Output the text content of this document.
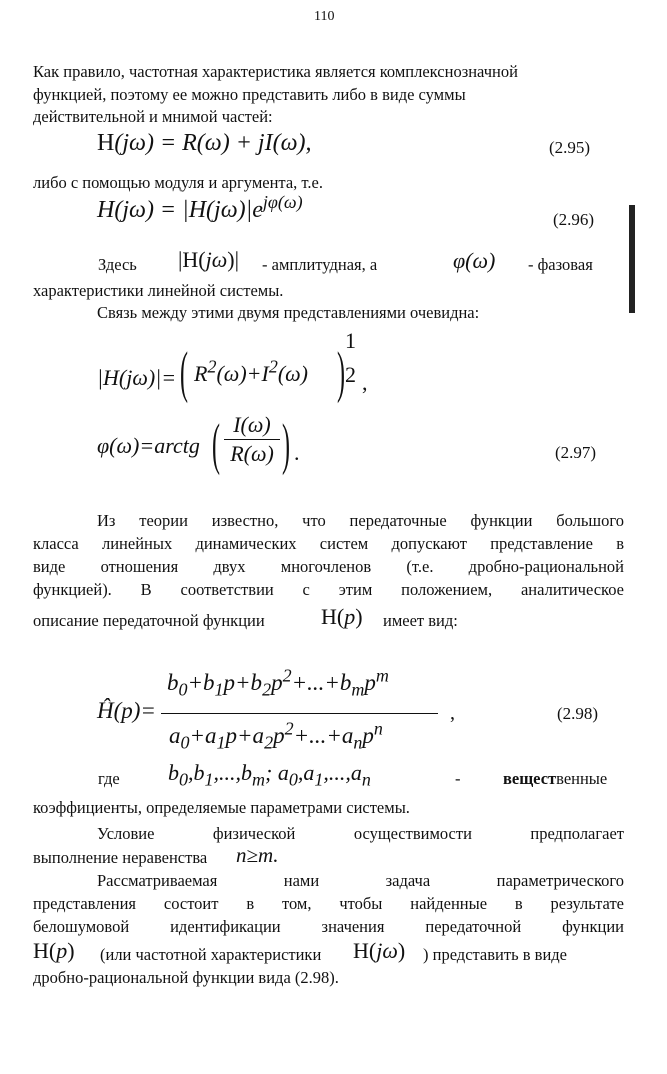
110
Как правило, частотная характеристика является комплекснозначной
функцией, поэтому ее можно представить либо в виде суммы
действительной и мнимой частей:
H(jω) = R(ω) + jI(ω),	(2.95)
либо с помощью модуля и аргумента, т.е.
$H(j\omega) = |H(j\omega)|e^{j\varphi(\omega)}$
(2.96)
Здесь |H(jω)| - амплитудная, а	φ(ω) - фазовая
характеристики линейной системы.
Связь между этими двумя представлениями очевидна:
|H(jω)|= ( $R^2(\omega)+I^2(\omega)$ )
1
2 ,
φ(ω)=arctg ( $\frac{I(\omega)}{R(\omega)}$ ) .	(2.97)
Из теории известно, что передаточные функции большого
класса линейных динамических систем допускают представление в
виде отношения двух многочленов (т.е. дробно-рациональной
функцией). В соответствии с этим положением, аналитическое
описание передаточной функции	H(p) имеет вид:
Ĥ(p)=
$b_0+b_1p+b_2p^2+...+b_mp^m$
$a_0+a_1p+a_2p^2+...+a_np^n$
,	(2.98)
где $b_0,b_1,...,b_m$; $a_0,a_1,...,a_n$	-	вещественные
коэффициенты, определяемые параметрами системы.
Условие физической осуществимости предполагает
выполнение неравенства n≥m.
Рассматриваемая нами задача параметрического
представления состоит в том, чтобы найденные в результате
белошумовой идентификации значения передаточной функции
H(p) (или частотной характеристики H(jω) ) представить в виде
дробно-рациональной функции вида (2.98).
